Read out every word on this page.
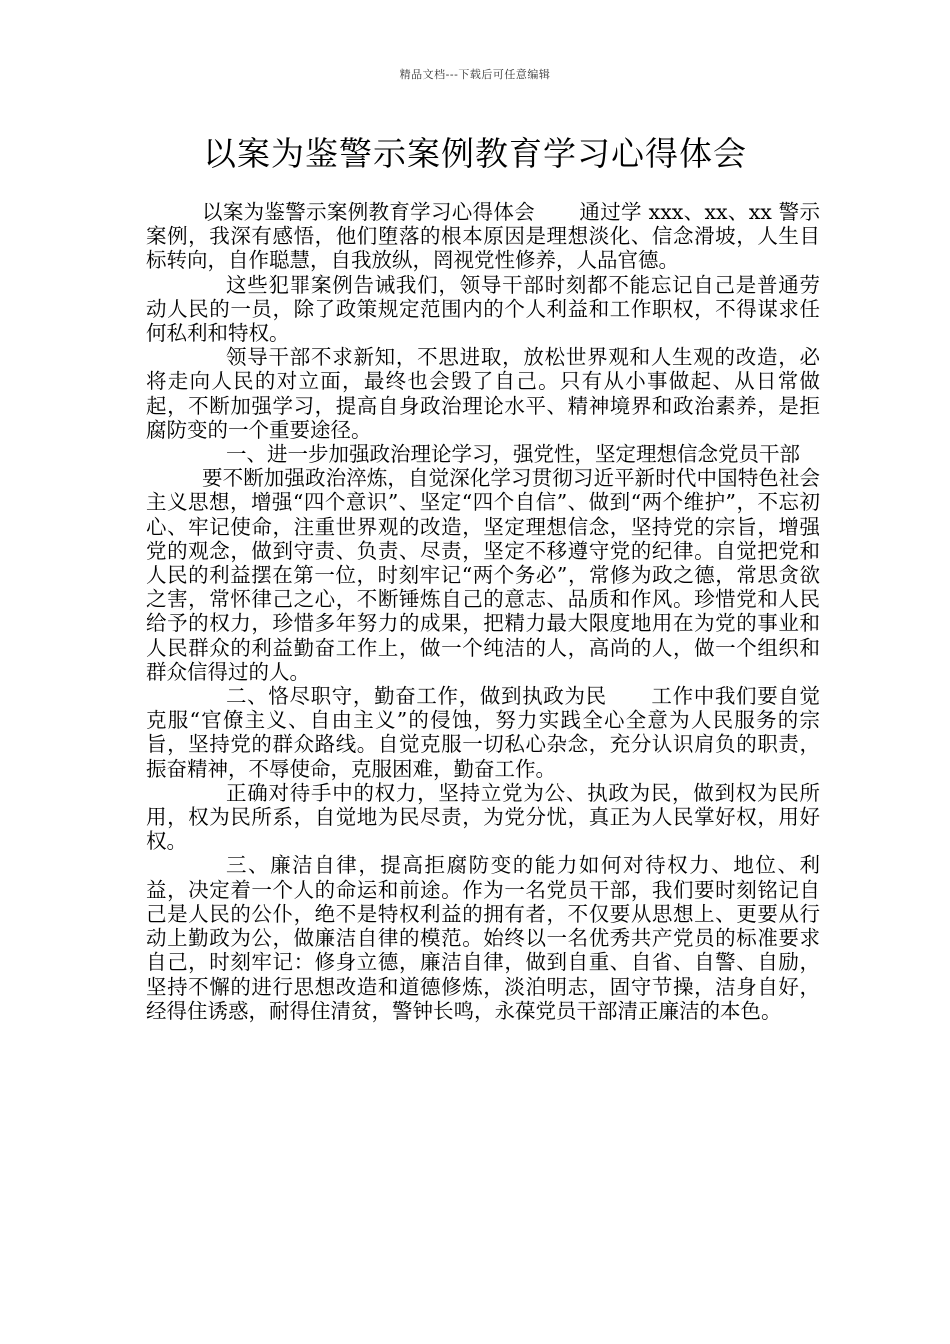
精品文档---下载后可任意编辑
以案为鉴警示案例教育学习心得体会

以案为鉴警示案例教育学习心得体会 通过学 xxx、xx、xx 警示案例，我深有感悟，他们堕落的根本原因是理想淡化、信念滑坡，人生目标转向，自作聪慧，自我放纵，罔视党性修养，人品官德。

这些犯罪案例告诫我们，领导干部时刻都不能忘记自己是普通劳动人民的一员，除了政策规定范围内的个人利益和工作职权，不得谋求任何私利和特权。

领导干部不求新知，不思进取，放松世界观和人生观的改造，必将走向人民的对立面，最终也会毁了自己。只有从小事做起、从日常做起，不断加强学习，提高自身政治理论水平、精神境界和政治素养，是拒腐防变的一个重要途径。

一、进一步加强政治理论学习，强党性，坚定理想信念党员干部

要不断加强政治淬炼，自觉深化学习贯彻习近平新时代中国特色社会主义思想，增强“四个意识”、坚定“四个自信”、做到“两个维护”，不忘初心、牢记使命，注重世界观的改造，坚定理想信念，坚持党的宗旨，增强党的观念，做到守责、负责、尽责，坚定不移遵守党的纪律。自觉把党和人民的利益摆在第一位，时刻牢记“两个务必”，常修为政之德，常思贪欲之害，常怀律己之心，不断锤炼自己的意志、品质和作风。珍惜党和人民给予的权力，珍惜多年努力的成果，把精力最大限度地用在为党的事业和人民群众的利益勤奋工作上，做一个纯洁的人，高尚的人，做一个组织和群众信得过的人。

二、恪尽职守，勤奋工作，做到执政为民 工作中我们要自觉克服“官僚主义、自由主义”的侵蚀，努力实践全心全意为人民服务的宗旨，坚持党的群众路线。自觉克服一切私心杂念，充分认识肩负的职责，振奋精神，不辱使命，克服困难，勤奋工作。

正确对待手中的权力，坚持立党为公、执政为民，做到权为民所用，权为民所系，自觉地为民尽责，为党分忧，真正为人民掌好权，用好权。

三、廉洁自律，提高拒腐防变的能力如何对待权力、地位、利益，决定着一个人的命运和前途。作为一名党员干部，我们要时刻铭记自己是人民的公仆，绝不是特权利益的拥有者，不仅要从思想上、更要从行动上勤政为公，做廉洁自律的模范。始终以一名优秀共产党员的标准要求自己，时刻牢记：修身立德，廉洁自律，做到自重、自省、自警、自励，坚持不懈的进行思想改造和道德修炼，淡泊明志，固守节操，洁身自好，经得住诱惑，耐得住清贫，警钟长鸣，永葆党员干部清正廉洁的本色。
